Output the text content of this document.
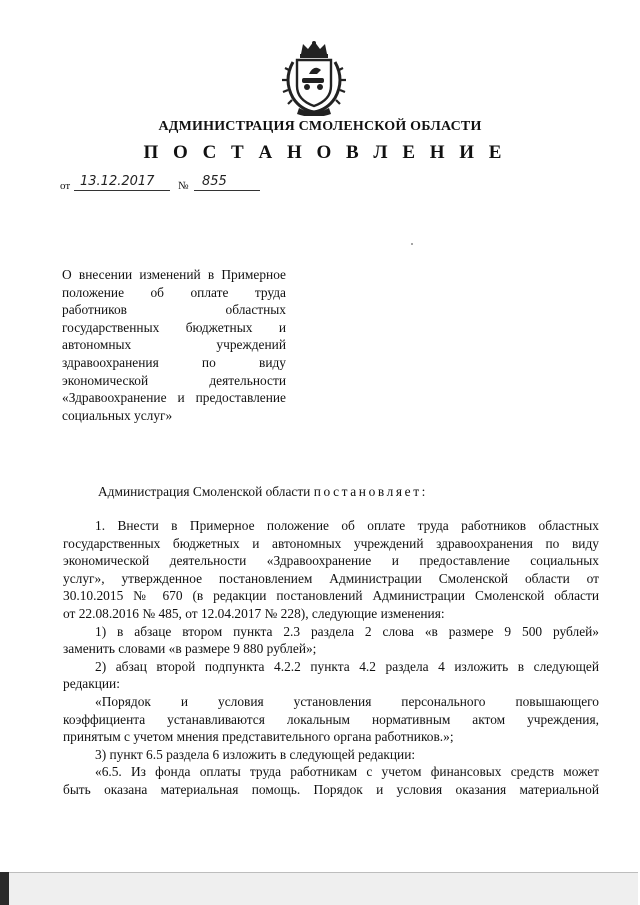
АДМИНИСТРАЦИЯ СМОЛЕНСКОЙ ОБЛАСТИ
П О С Т А Н О В Л Е Н И Е
от 13.12.2017 № 855
О внесении изменений в Примерное
положение об оплате труда
работников областных
государственных бюджетных и
автономных учреждений
здравоохранения по виду
экономической деятельности
«Здравоохранение и предоставление
социальных услуг»
Администрация Смоленской области постановляет:
1. Внести в Примерное положение об оплате труда работников областных
государственных бюджетных и автономных учреждений здравоохранения по виду
экономической деятельности «Здравоохранение и предоставление социальных
услуг», утвержденное постановлением Администрации Смоленской области от
30.10.2015 № 670 (в редакции постановлений Администрации Смоленской области
от 22.08.2016 № 485, от 12.04.2017 № 228), следующие изменения:
1) в абзаце втором пункта 2.3 раздела 2 слова «в размере 9 500 рублей»
заменить словами «в размере 9 880 рублей»;
2) абзац второй подпункта 4.2.2 пункта 4.2 раздела 4 изложить в следующей
редакции:
«Порядок и условия установления персонального повышающего
коэффициента устанавливаются локальным нормативным актом учреждения,
принятым с учетом мнения представительного органа работников.»;
3) пункт 6.5 раздела 6 изложить в следующей редакции:
«6.5. Из фонда оплаты труда работникам с учетом финансовых средств может
быть оказана материальная помощь. Порядок и условия оказания материальной
